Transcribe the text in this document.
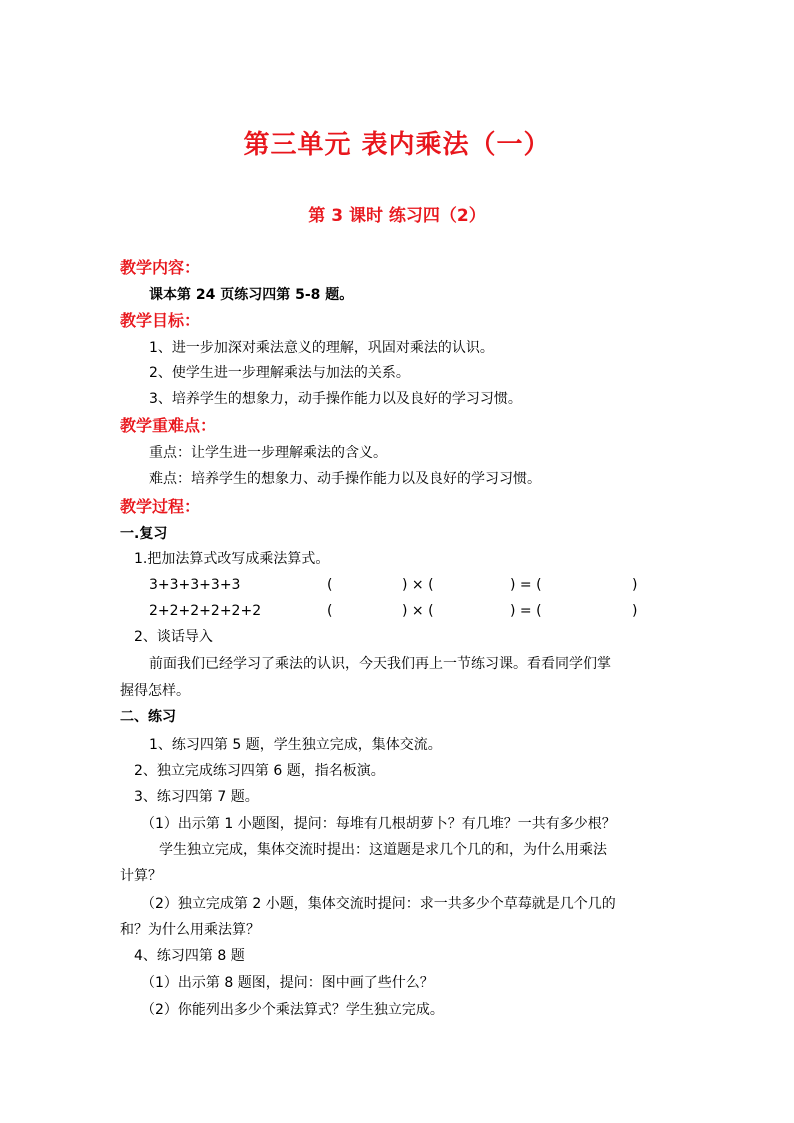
第三单元 表内乘法（一）
第 3 课时 练习四（2）
教学内容：
课本第 24 页练习四第 5-8 题。
教学目标：
1、进一步加深对乘法意义的理解，巩固对乘法的认识。
2、使学生进一步理解乘法与加法的关系。
3、培养学生的想象力，动手操作能力以及良好的学习习惯。
教学重难点：
重点：让学生进一步理解乘法的含义。
难点：培养学生的想象力、动手操作能力以及良好的学习习惯。
教学过程：
一.复习
1.把加法算式改写成乘法算式。
3+3+3+3+3	(	) × (	) = (	)
2+2+2+2+2+2	(	) × (	) = (	)
2、谈话导入
前面我们已经学习了乘法的认识，今天我们再上一节练习课。看看同学们掌
握得怎样。
二、练习
1、练习四第 5 题，学生独立完成，集体交流。
2、独立完成练习四第 6 题，指名板演。
3、练习四第 7 题。
（1）出示第 1 小题图，提问：每堆有几根胡萝卜？有几堆？一共有多少根？
学生独立完成，集体交流时提出：这道题是求几个几的和，为什么用乘法
计算？
（2）独立完成第 2 小题，集体交流时提问：求一共多少个草莓就是几个几的
和？为什么用乘法算？
4、练习四第 8 题
（1）出示第 8 题图，提问：图中画了些什么？
（2）你能列出多少个乘法算式？学生独立完成。
